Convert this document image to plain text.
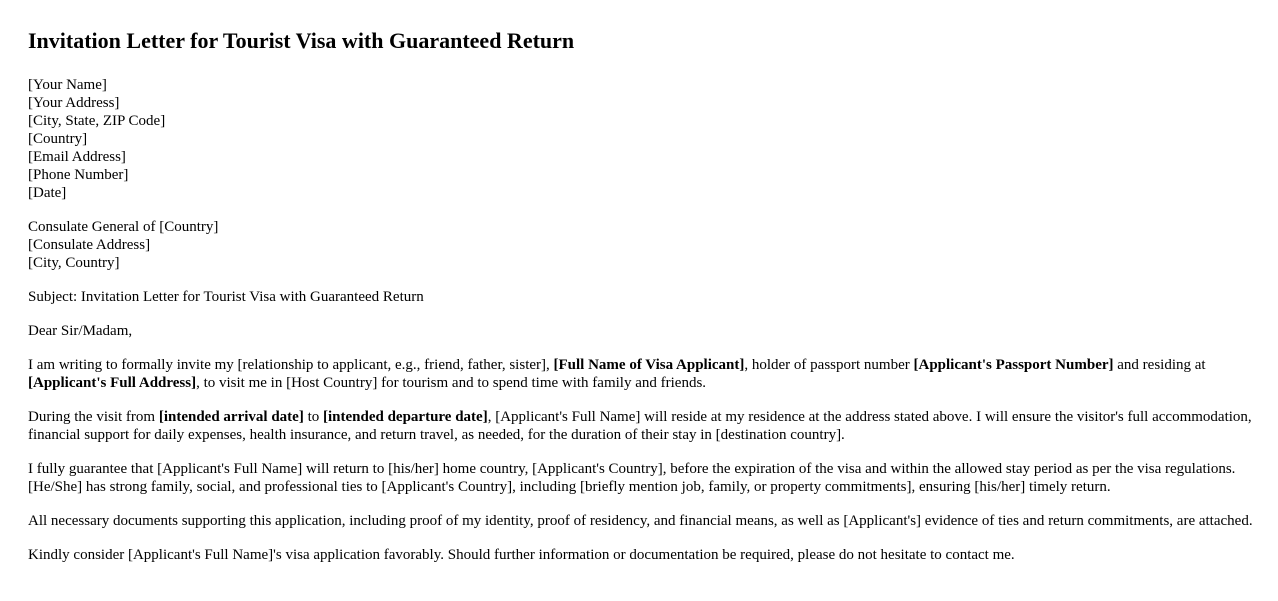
Invitation Letter for Tourist Visa with Guaranteed Return
[Your Name]
[Your Address]
[City, State, ZIP Code]
[Country]
[Email Address]
[Phone Number]
[Date]
Consulate General of [Country]
[Consulate Address]
[City, Country]

Subject: Invitation Letter for Tourist Visa with Guaranteed Return

Dear Sir/Madam,

I am writing to formally invite my [relationship to applicant, e.g., friend, father, sister], [Full Name of Visa Applicant], holder of passport number [Applicant's Passport Number] and residing at [Applicant's Full Address], to visit me in [Host Country] for tourism and to spend time with family and friends.

During the visit from [intended arrival date] to [intended departure date], [Applicant's Full Name] will reside at my residence at the address stated above. I will ensure the visitor's full accommodation, financial support for daily expenses, health insurance, and return travel, as needed, for the duration of their stay in [destination country].

I fully guarantee that [Applicant's Full Name] will return to [his/her] home country, [Applicant's Country], before the expiration of the visa and within the allowed stay period as per the visa regulations. [He/She] has strong family, social, and professional ties to [Applicant's Country], including [briefly mention job, family, or property commitments], ensuring [his/her] timely return.

All necessary documents supporting this application, including proof of my identity, proof of residency, and financial means, as well as [Applicant's] evidence of ties and return commitments, are attached.

Kindly consider [Applicant's Full Name]'s visa application favorably. Should further information or documentation be required, please do not hesitate to contact me.
